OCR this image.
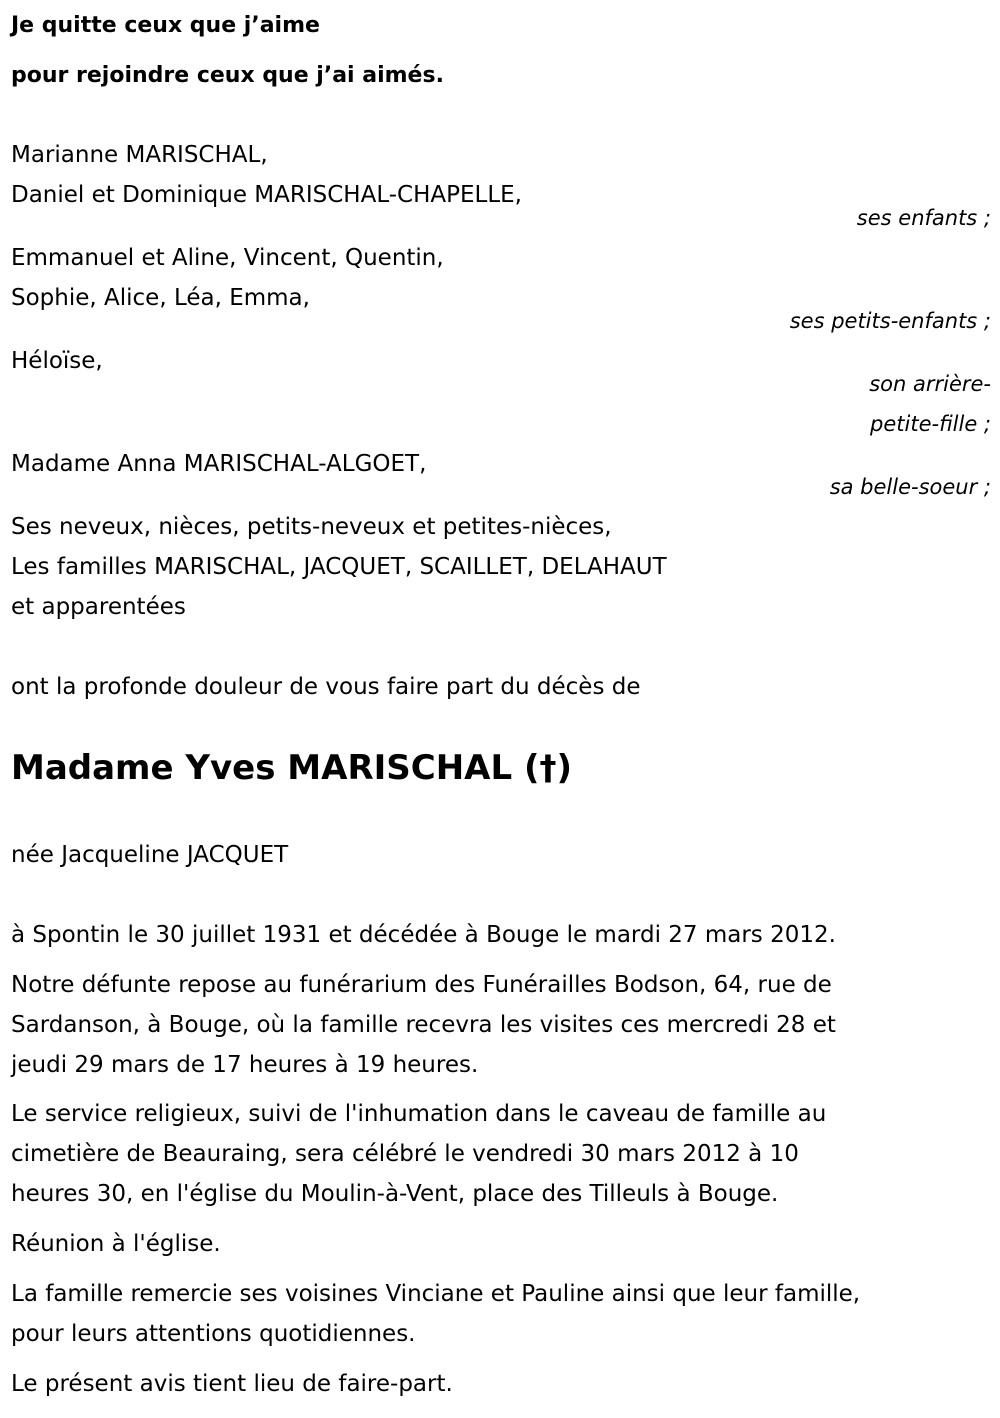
Je quitte ceux que j’aime

pour rejoindre ceux que j’ai aimés.

Marianne MARISCHAL,

Daniel et Dominique MARISCHAL-CHAPELLE,

ses enfants ;

Emmanuel et Aline, Vincent, Quentin,

Sophie, Alice, Léa, Emma,

ses petits-enfants ;

Héloïse,

son arrière-

petite-fille ;

Madame Anna MARISCHAL-ALGOET,

sa belle-soeur ;

Ses neveux, nièces, petits-neveux et petites-nièces,

Les familles MARISCHAL, JACQUET, SCAILLET, DELAHAUT

et apparentées

ont la profonde douleur de vous faire part du décès de

Madame Yves MARISCHAL (†)

née Jacqueline JACQUET

à Spontin le 30 juillet 1931 et décédée à Bouge le mardi 27 mars 2012.

Notre défunte repose au funérarium des Funérailles Bodson, 64, rue de

Sardanson, à Bouge, où la famille recevra les visites ces mercredi 28 et

jeudi 29 mars de 17 heures à 19 heures.

Le service religieux, suivi de l'inhumation dans le caveau de famille au

cimetière de Beauraing, sera célébré le vendredi 30 mars 2012 à 10

heures 30, en l'église du Moulin-à-Vent, place des Tilleuls à Bouge.

Réunion à l'église.

La famille remercie ses voisines Vinciane et Pauline ainsi que leur famille,

pour leurs attentions quotidiennes.

Le présent avis tient lieu de faire-part.
